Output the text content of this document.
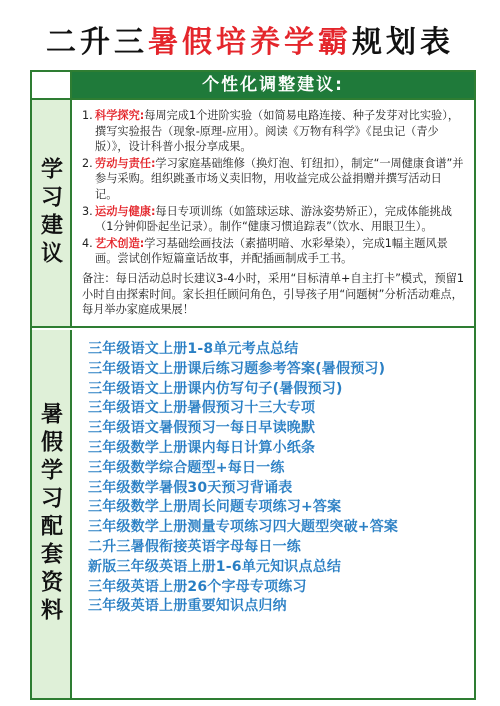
二升三暑假培养学霸规划表
个性化调整建议:
学习建议
1. 科学探究:每周完成1个进阶实验（如简易电路连接、种子发芽对比实验），撰写实验报告（现象-原理-应用）。阅读《万物有科学》《昆虫记（青少版）》，设计科普小报分享成果。
2. 劳动与责任:学习家庭基础维修（换灯泡、钉纽扣），制定“一周健康食谱”并参与采购。组织跳蚤市场义卖旧物，用收益完成公益捐赠并撰写活动日记。
3. 运动与健康:每日专项训练（如篮球运球、游泳姿势矫正），完成体能挑战（1分钟仰卧起坐记录）。制作“健康习惯追踪表”（饮水、用眼卫生）。
4. 艺术创造:学习基础绘画技法（素描明暗、水彩晕染），完成1幅主题风景画。尝试创作短篇童话故事，并配插画制成手工书。
备注：每日活动总时长建议3-4小时，采用“目标清单+自主打卡”模式，预留1小时自由探索时间。家长担任顾问角色，引导孩子用“问题树”分析活动难点，每月举办家庭成果展！
暑假学习配套资料
三年级语文上册1-8单元考点总结
三年级语文上册课后练习题参考答案(暑假预习)
三年级语文上册课内仿写句子(暑假预习)
三年级语文上册暑假预习十三大专项
三年级语文暑假预习一每日早读晚默
三年级数学上册课内每日计算小纸条
三年级数学综合题型+每日一练
三年级数学暑假30天预习背诵表
三年级数学上册周长问题专项练习+答案
三年级数学上册测量专项练习四大题型突破+答案
二升三暑假衔接英语字母每日一练
新版三年级英语上册1-6单元知识点总结
三年级英语上册26个字母专项练习
三年级英语上册重要知识点归纳
